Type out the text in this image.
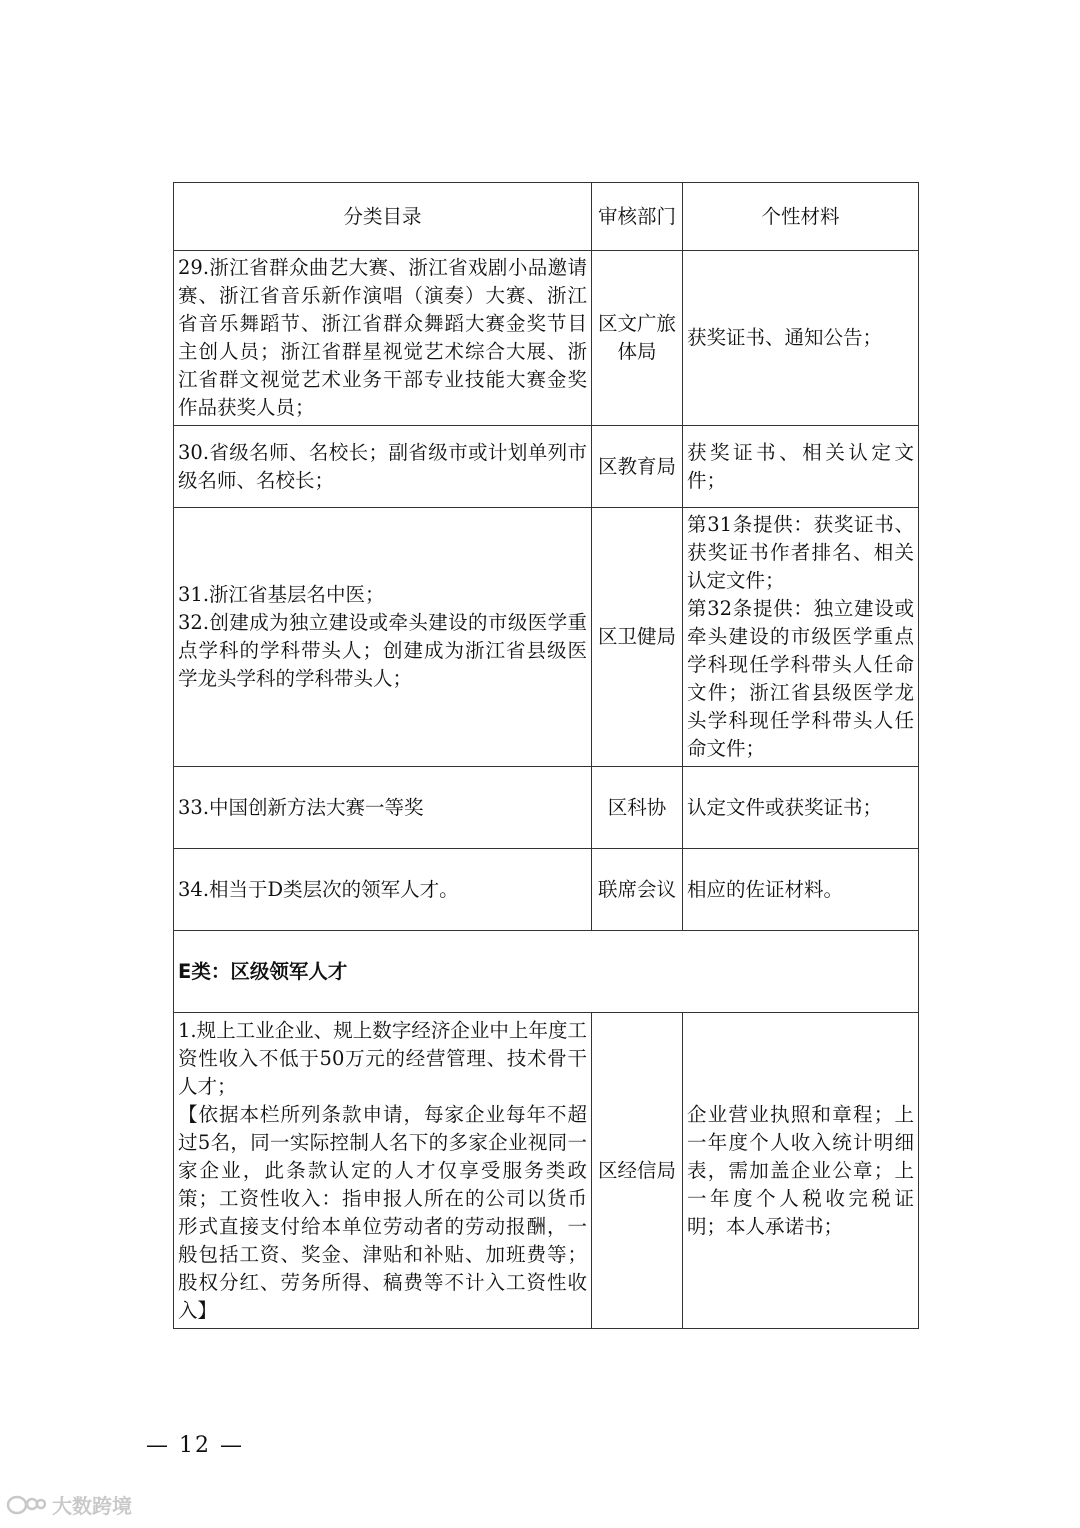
分类目录	审核部门	个性材料
29.浙江省群众曲艺大赛、浙江省戏剧小品邀请赛、浙江省音乐新作演唱（演奏）大赛、浙江省音乐舞蹈节、浙江省群众舞蹈大赛金奖节目主创人员；浙江省群星视觉艺术综合大展、浙江省群文视觉艺术业务干部专业技能大赛金奖作品获奖人员；	区文广旅体局	获奖证书、通知公告；
30.省级名师、名校长；副省级市或计划单列市级名师、名校长；	区教育局	获奖证书、相关认定文件；

31.浙江省基层名中医；
32.创建成为独立建设或牵头建设的市级医学重点学科的学科带头人；创建成为浙江省县级医学龙头学科的学科带头人；	区卫健局	第31条提供：获奖证书、获奖证书作者排名、相关认定文件；
第32条提供：独立建设或牵头建设的市级医学重点学科现任学科带头人任命文件；浙江省县级医学龙头学科现任学科带头人任命文件；

33.中国创新方法大赛一等奖	区科协	认定文件或获奖证书；
34.相当于D类层次的领军人才。	联席会议	相应的佐证材料。
E类：区级领军人才		

1.规上工业企业、规上数字经济企业中上年度工资性收入不低于50万元的经营管理、技术骨干人才；
【依据本栏所列条款申请，每家企业每年不超过5名，同一实际控制人名下的多家企业视同一家企业，此条款认定的人才仅享受服务类政策；工资性收入：指申报人所在的公司以货币形式直接支付给本单位劳动者的劳动报酬，一般包括工资、奖金、津贴和补贴、加班费等；股权分红、劳务所得、稿费等不计入工资性收入】	区经信局	企业营业执照和章程；上一年度个人收入统计明细表，需加盖企业公章；上一年度个人税收完税证明；本人承诺书；
— 12 —
大数跨境
